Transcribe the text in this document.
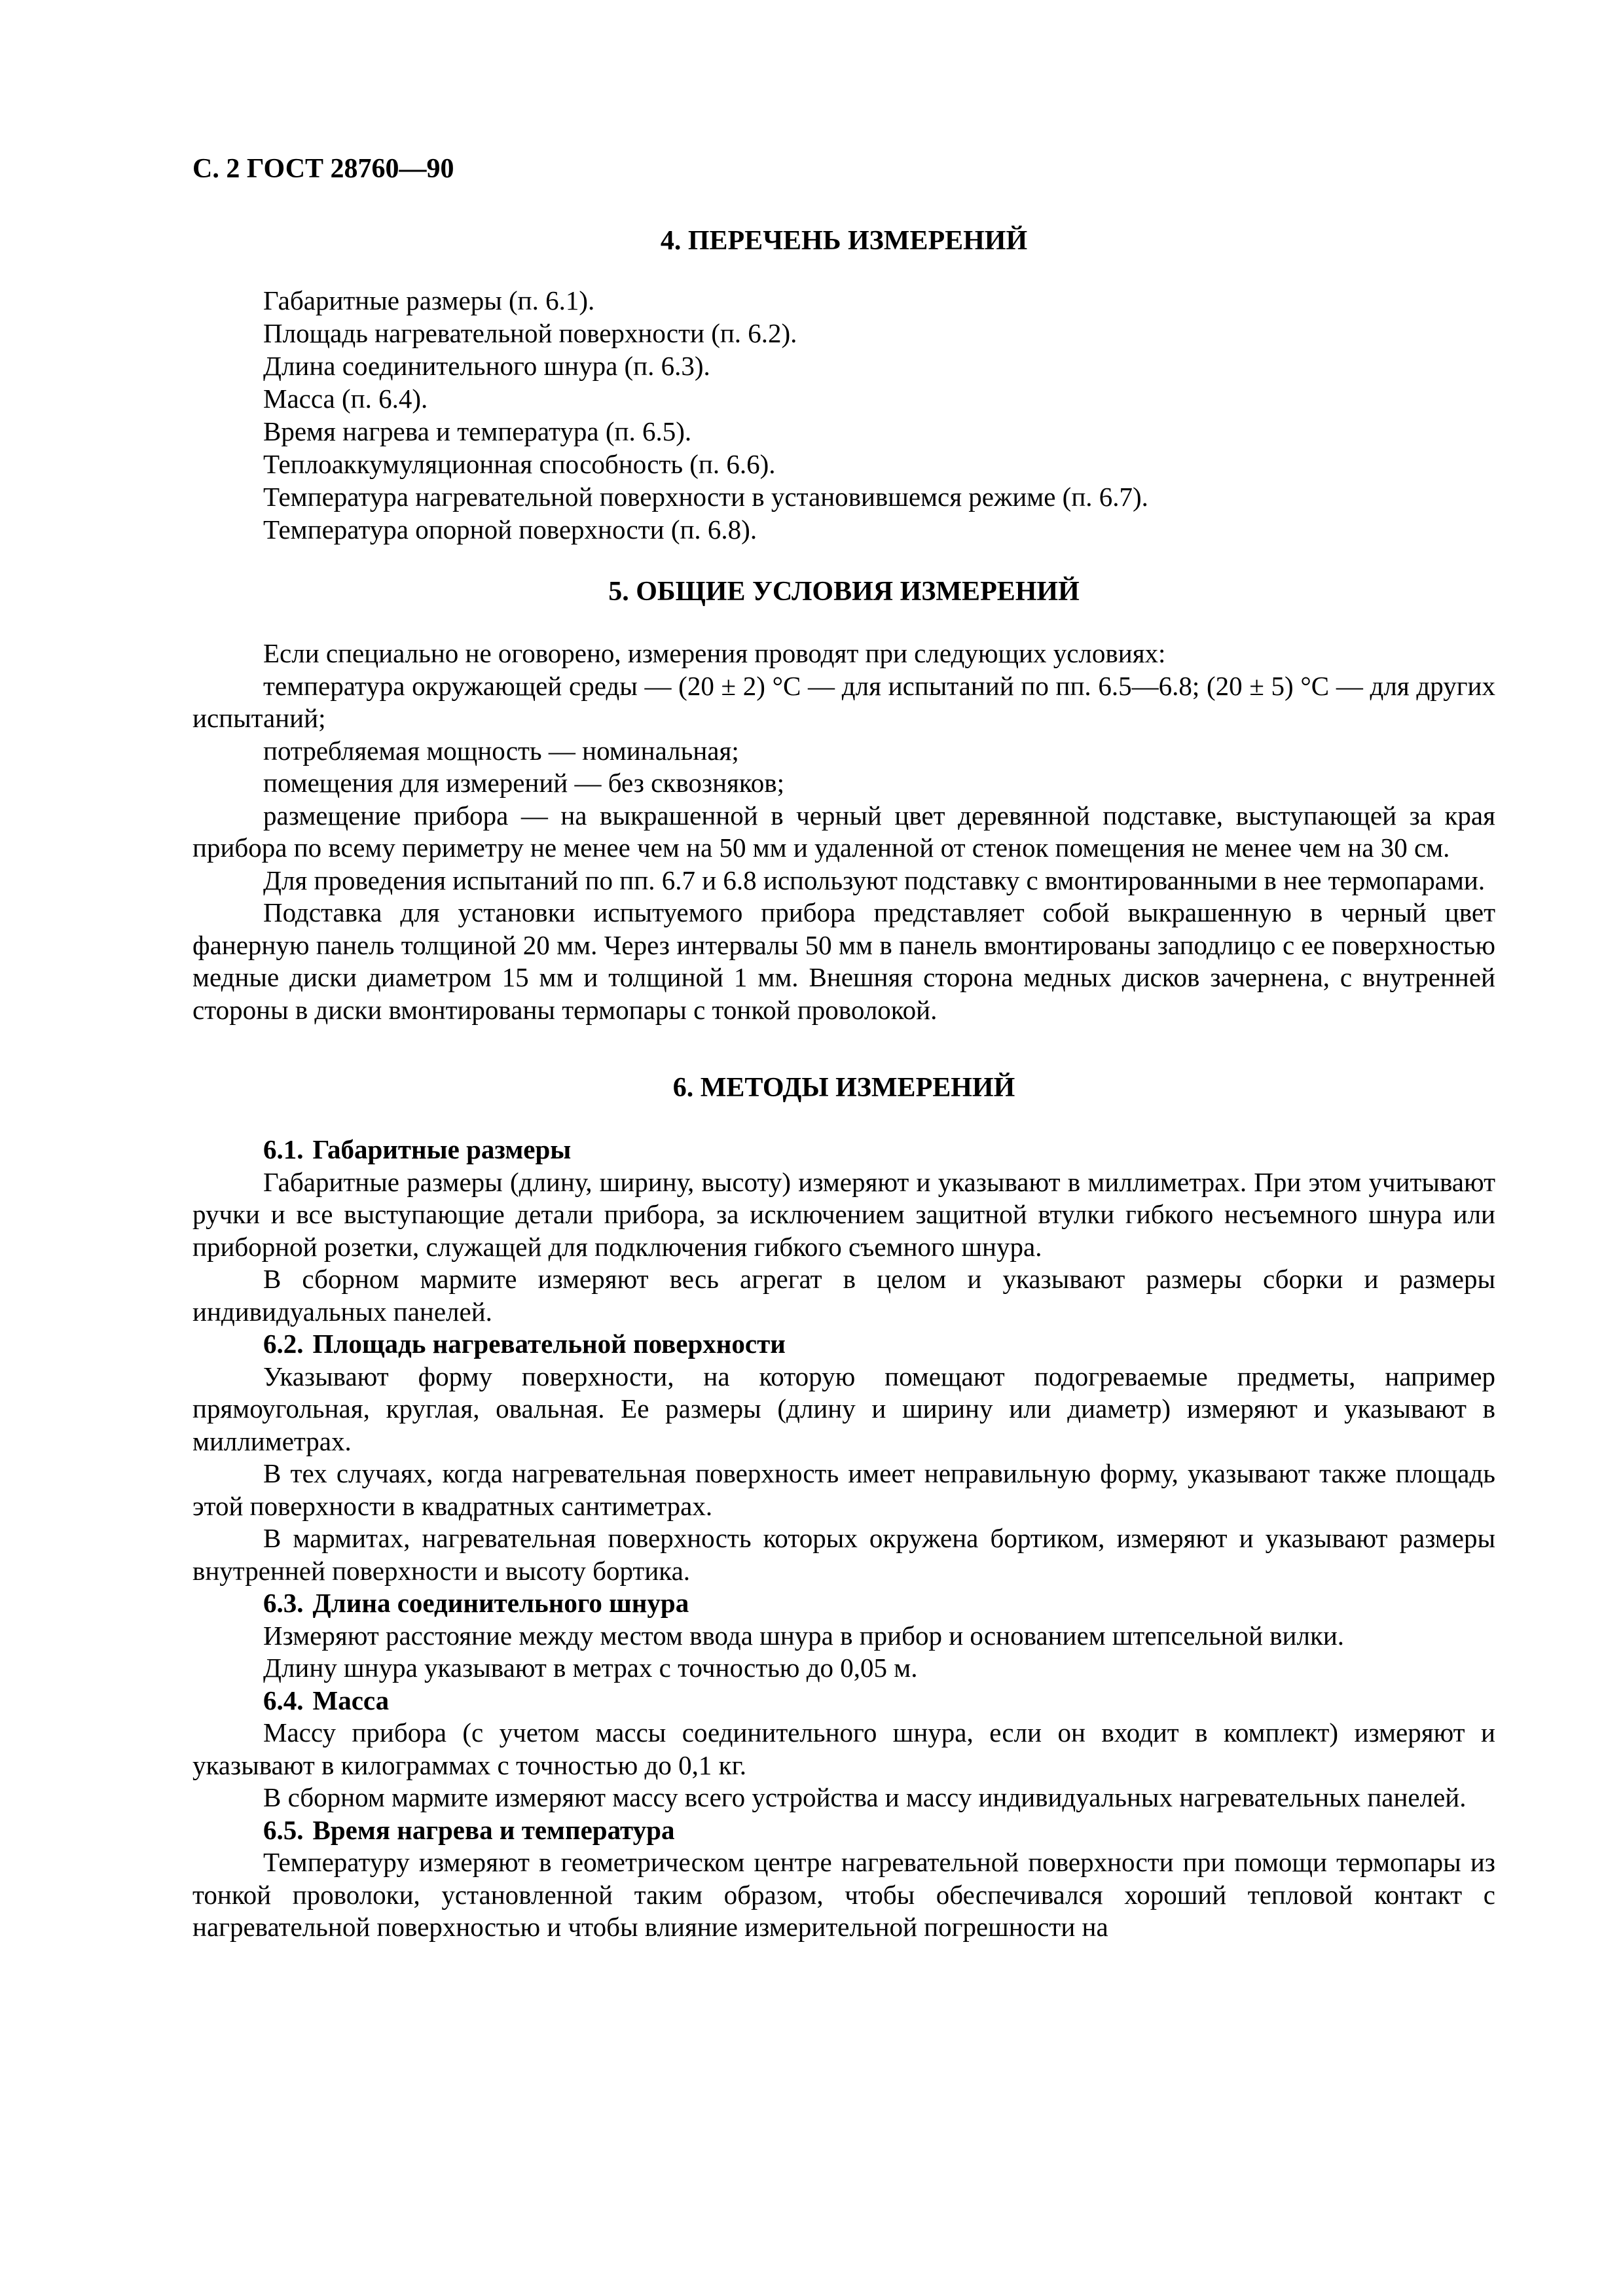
С. 2 ГОСТ 28760—90

4. ПЕРЕЧЕНЬ ИЗМЕРЕНИЙ
Габаритные размеры (п. 6.1).
Площадь нагревательной поверхности (п. 6.2).
Длина соединительного шнура (п. 6.3).
Масса (п. 6.4).
Время нагрева и температура (п. 6.5).
Теплоаккумуляционная способность (п. 6.6).
Температура нагревательной поверхности в установившемся режиме (п. 6.7).
Температура опорной поверхности (п. 6.8).
5. ОБЩИЕ УСЛОВИЯ ИЗМЕРЕНИЙ

Если специально не оговорено, измерения проводят при следующих условиях:

температура окружающей среды — (20 ± 2) °С — для испытаний по пп. 6.5—6.8; (20 ± 5) °С — для других испытаний;

потребляемая мощность — номинальная;

помещения для измерений — без сквозняков;

размещение прибора — на выкрашенной в черный цвет деревянной подставке, выступающей за края прибора по всему периметру не менее чем на 50 мм и удаленной от стенок помещения не менее чем на 30 см.

Для проведения испытаний по пп. 6.7 и 6.8 используют подставку с вмонтированными в нее термопарами.

Подставка для установки испытуемого прибора представляет собой выкрашенную в черный цвет фанерную панель толщиной 20 мм. Через интервалы 50 мм в панель вмонтированы заподлицо с ее поверхностью медные диски диаметром 15 мм и толщиной 1 мм. Внешняя сторона медных дисков зачернена, с внутренней стороны в диски вмонтированы термопары с тонкой проволокой.

6. МЕТОДЫ ИЗМЕРЕНИЙ

6.1. Габаритные размеры

Габаритные размеры (длину, ширину, высоту) измеряют и указывают в миллиметрах. При этом учитывают ручки и все выступающие детали прибора, за исключением защитной втулки гибкого несъемного шнура или приборной розетки, служащей для подключения гибкого съемного шнура.

В сборном мармите измеряют весь агрегат в целом и указывают размеры сборки и размеры индивидуальных панелей.

6.2. Площадь нагревательной поверхности

Указывают форму поверхности, на которую помещают подогреваемые предметы, например прямоугольная, круглая, овальная. Ее размеры (длину и ширину или диаметр) измеряют и указывают в миллиметрах.

В тех случаях, когда нагревательная поверхность имеет неправильную форму, указывают также площадь этой поверхности в квадратных сантиметрах.

В мармитах, нагревательная поверхность которых окружена бортиком, измеряют и указывают размеры внутренней поверхности и высоту бортика.

6.3. Длина соединительного шнура

Измеряют расстояние между местом ввода шнура в прибор и основанием штепсельной вилки.

Длину шнура указывают в метрах с точностью до 0,05 м.

6.4. Масса

Массу прибора (с учетом массы соединительного шнура, если он входит в комплект) измеряют и указывают в килограммах с точностью до 0,1 кг.

В сборном мармите измеряют массу всего устройства и массу индивидуальных нагревательных панелей.

6.5. Время нагрева и температура

Температуру измеряют в геометрическом центре нагревательной поверхности при помощи термопары из тонкой проволоки, установленной таким образом, чтобы обеспечивался хороший тепловой контакт с нагревательной поверхностью и чтобы влияние измерительной погрешности на
